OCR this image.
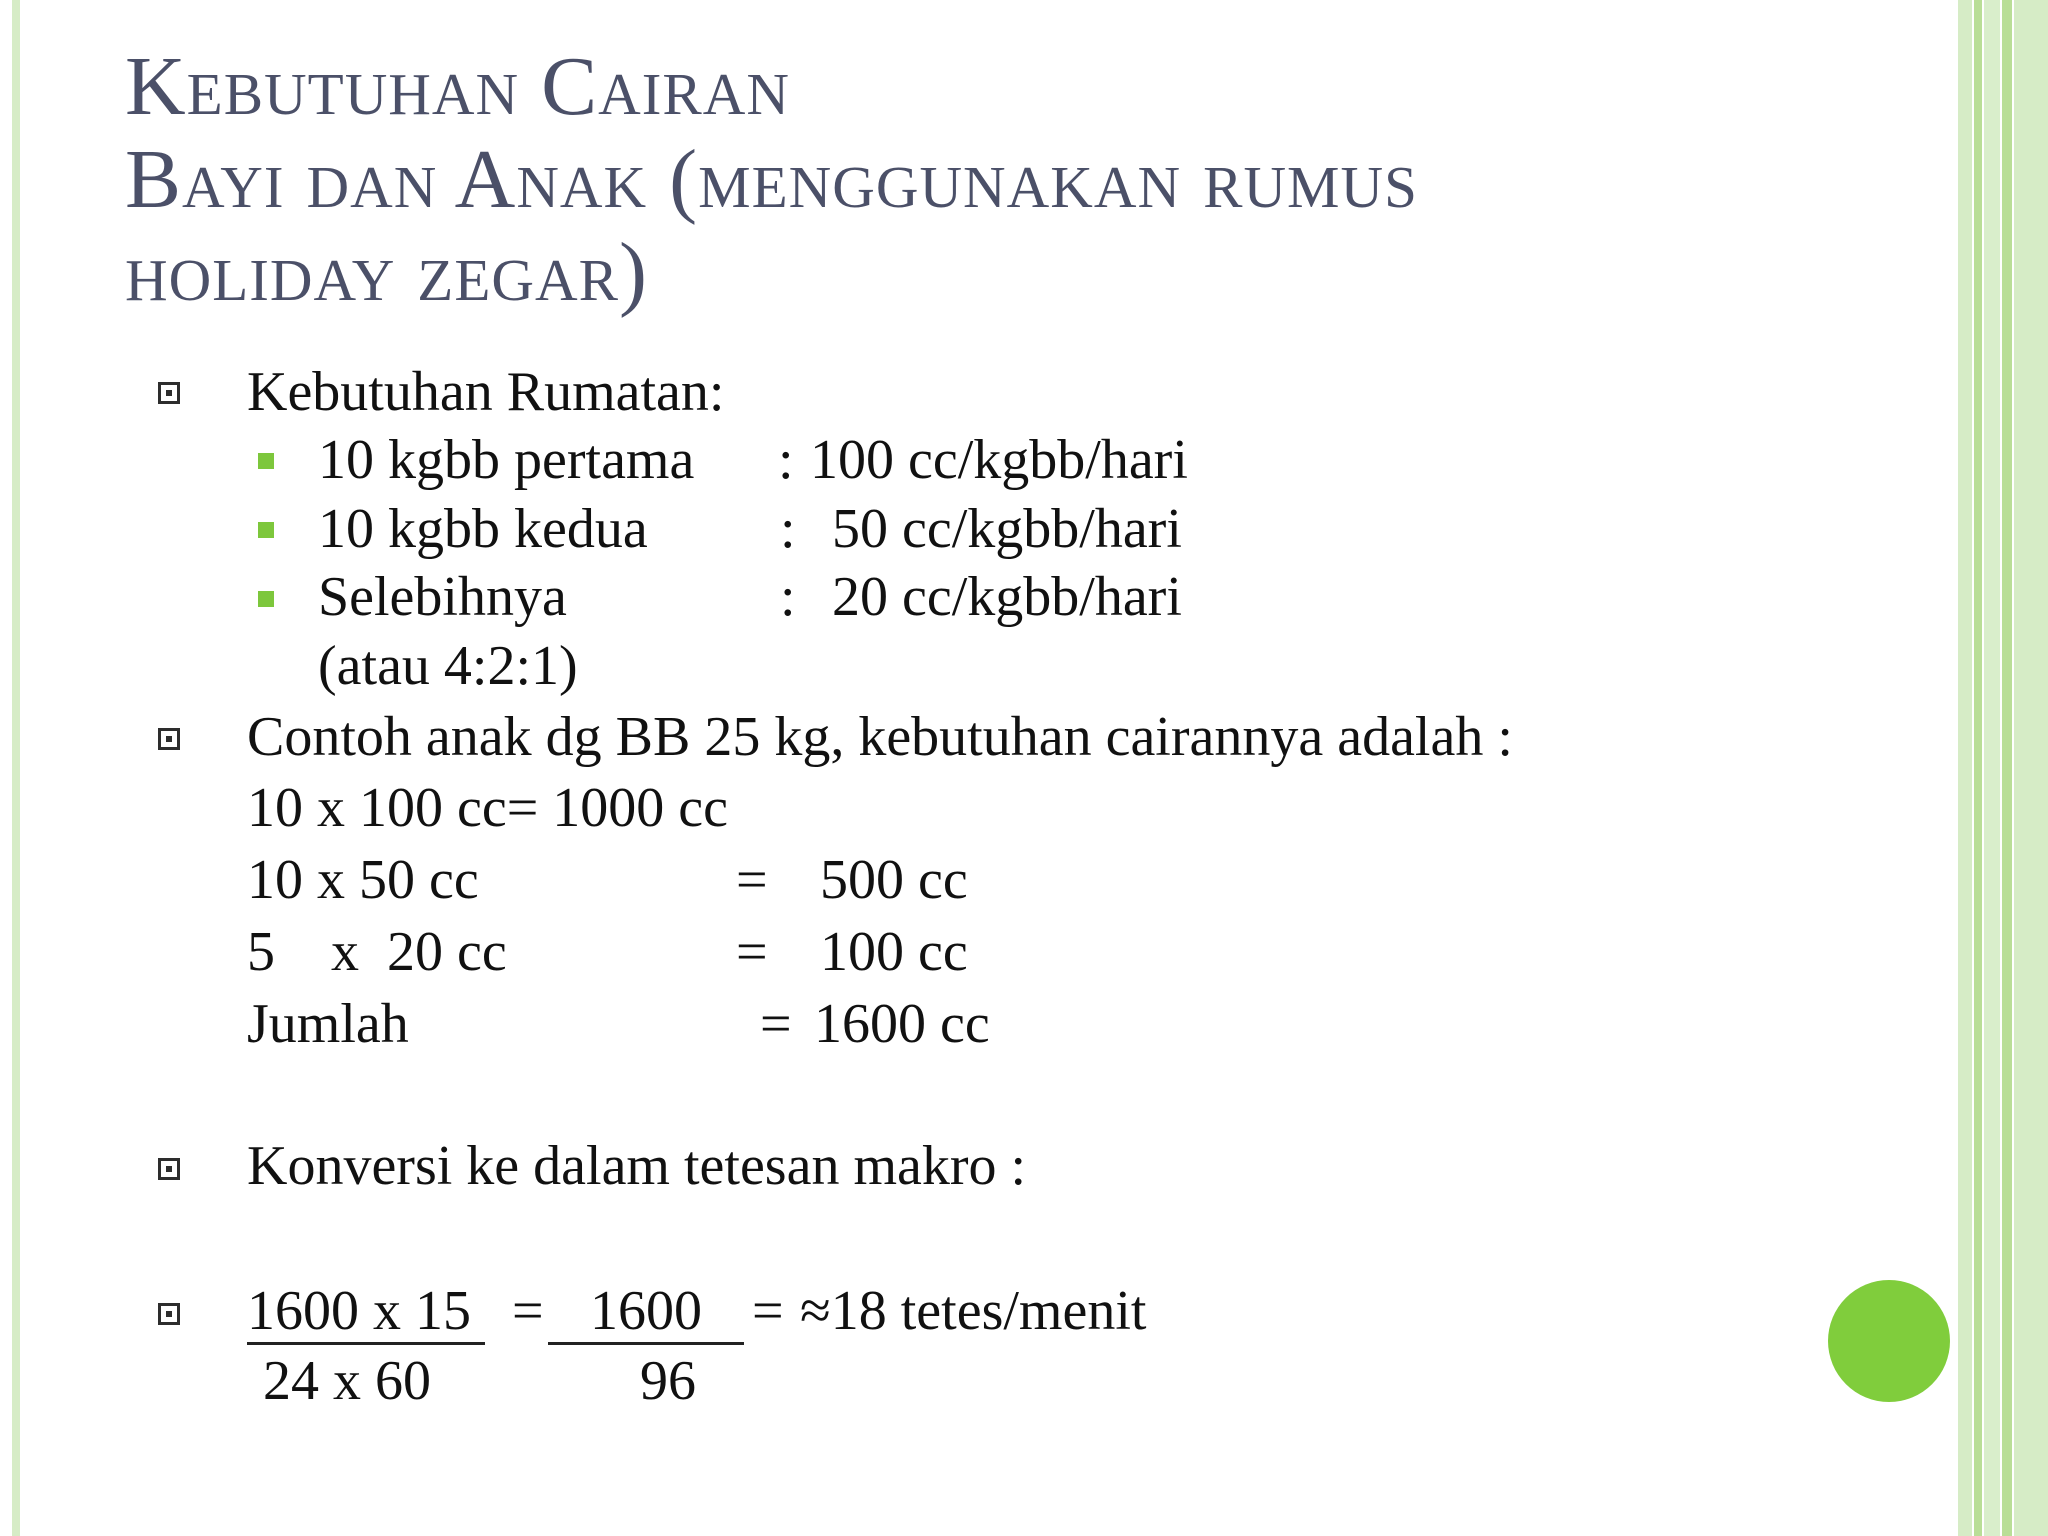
Kebutuhan Cairan
Bayi dan Anak (menggunakan rumus
holiday zegar)
Kebutuhan Rumatan:
10 kgbb pertama : 100 cc/kgbb/hari
10 kgbb kedua : 50 cc/kgbb/hari
Selebihnya	: 20 cc/kgbb/hari
(atau 4:2:1)
Contoh anak dg BB 25 kg, kebutuhan cairannya adalah :
10 x 100 cc= 1000 cc
10 x 50 cc	= 500 cc
5    x  20 cc	= 100 cc
Jumlah	= 1600 cc
Konversi ke dalam tetesan makro :
1600 x 15 = 1600 = ≈18 tetes/menit
24 x 60	96
